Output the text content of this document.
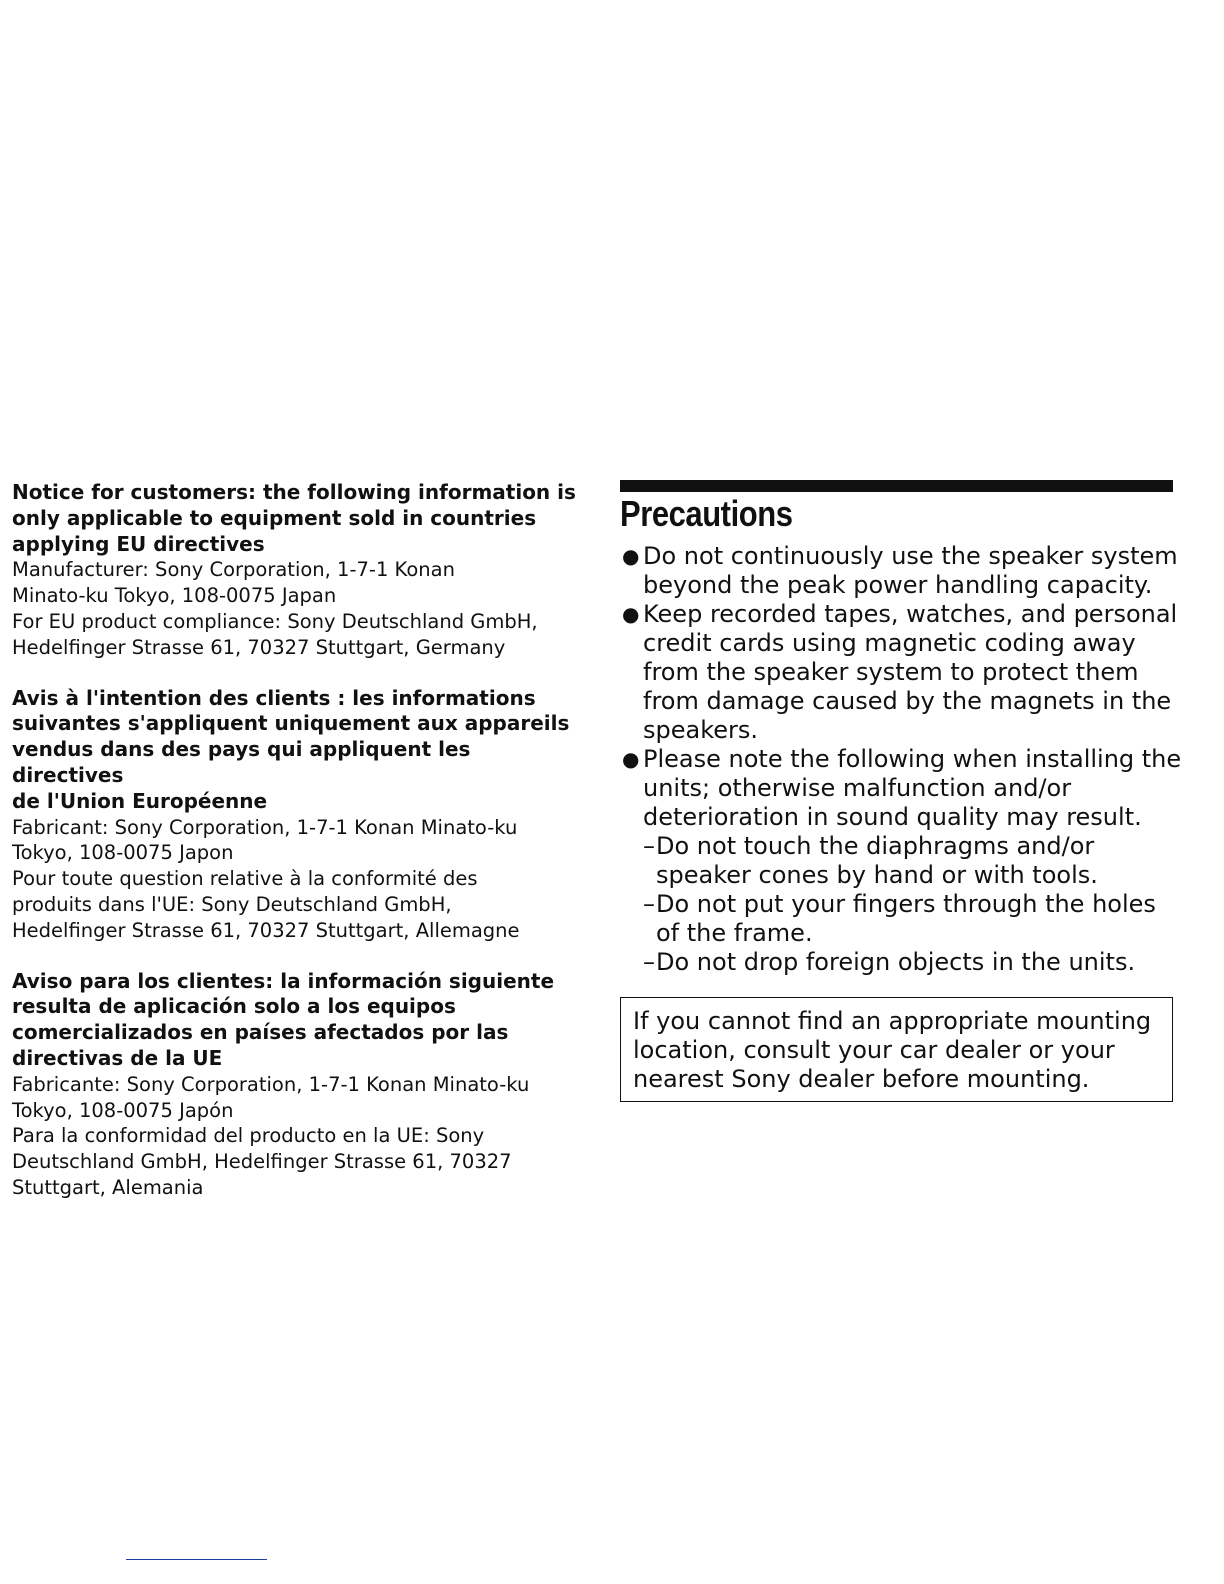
Notice for customers: the following information is
only applicable to equipment sold in countries
applying EU directives

Manufacturer: Sony Corporation, 1-7-1 Konan

Minato-ku Tokyo, 108-0075 Japan

For EU product compliance: Sony Deutschland GmbH,

Hedelfinger Strasse 61, 70327 Stuttgart, Germany

Avis à l'intention des clients : les informations
suivantes s'appliquent uniquement aux appareils
vendus dans des pays qui appliquent les directives
de l'Union Européenne

Fabricant: Sony Corporation, 1-7-1 Konan Minato-ku

Tokyo, 108-0075 Japon

Pour toute question relative à la conformité des

produits dans l'UE: Sony Deutschland GmbH,

Hedelfinger Strasse 61, 70327 Stuttgart, Allemagne

Aviso para los clientes: la información siguiente
resulta de aplicación solo a los equipos
comercializados en países afectados por las
directivas de la UE

Fabricante: Sony Corporation, 1-7-1 Konan Minato-ku

Tokyo, 108-0075 Japón

Para la conformidad del producto en la UE: Sony

Deutschland GmbH, Hedelfinger Strasse 61, 70327

Stuttgart, Alemania

Precautions
● Do not continuously use the speaker system
beyond the peak power handling capacity.
● Keep recorded tapes, watches, and personal
credit cards using magnetic coding away
from the speaker system to protect them
from damage caused by the magnets in the
speakers.
● Please note the following when installing the
units; otherwise malfunction and/or
deterioration in sound quality may result.
– Do not touch the diaphragms and/or
speaker cones by hand or with tools.
– Do not put your fingers through the holes
of the frame.
– Do not drop foreign objects in the units.
If you cannot find an appropriate mounting
location, consult your car dealer or your
nearest Sony dealer before mounting.
